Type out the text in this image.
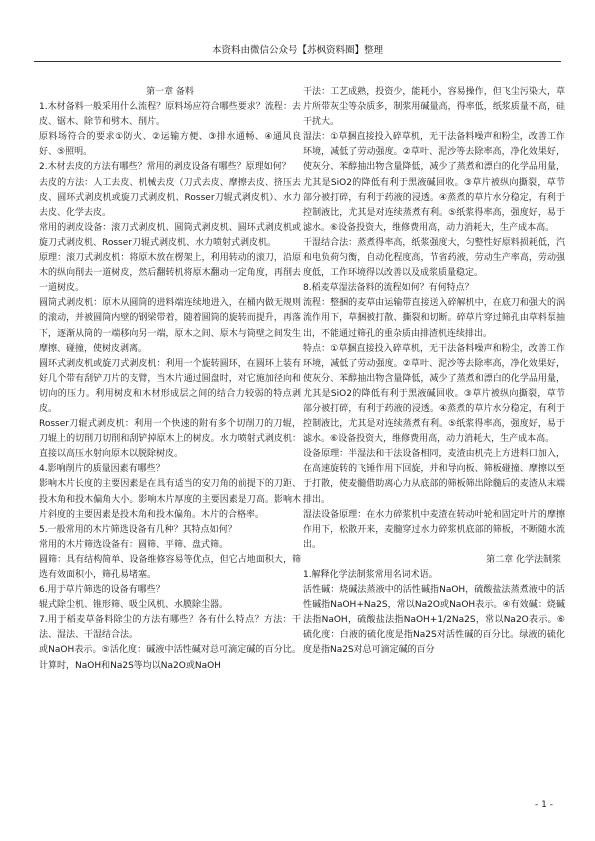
本资料由微信公众号【苏枫资料圈】整理

第一章 备料

1.木材备料一般采用什么流程？原料场应符合哪些要求？流程：去皮、锯木、除节和劈木、削片。

原料场符合的要求①防火、②运输方便、③排水通畅、④通风良好、⑤照明。

2.木材去皮的方法有哪些？常用的剥皮设备有哪些？原理如何？

去皮的方法：人工去皮、机械去皮（刀式去皮、摩擦去皮、挤压去皮、圆环式剥皮机或旋刀式剥皮机、Rosser刀辊式剥皮机）、水力去皮、化学去皮。

常用的剥皮设备：滚刀式剥皮机、圆筒式剥皮机、圆环式剥皮机或旋刀式剥皮机、Rosser刀辊式剥皮机、水力喷射式剥皮机。

原理：滚刀式剥皮机：将原木放在楞架上，利用转动的滚刀，沿原木的纵向削去一道树皮，然后翻转机将原木翻动一定角度，再削去一道树皮。

圆筒式剥皮机：原木从圆筒的进料端连续地进入，在桶内做无规则的滚动，并被圆筒内壁的钢梁带着，随着圆筒的旋转而提升，再落下，逐渐从筒的一端移向另一端，原木之间、原木与筒壁之间发生摩擦、碰撞，使树皮剥离。

圆环式剥皮机或旋刀式剥皮机：利用一个旋转圆环，在圆环上装有好几个带有刮铲刀片的支臂，当木片通过圆盘时，对它施加径向和切向的压力。利用树皮和木材形成层之间的结合力较弱的特点剥皮。

Rosser刀辊式剥皮机：利用一个快速的附有多个切削刀的刀辊，刀辊上的切削刀切削和刮铲掉原木上的树皮。水力喷射式剥皮机：直接以高压水射向原木以脱除树皮。

4.影响削片的质量因素有哪些？

影响木片长度的主要因素是在具有适当的安刀角的前提下的刀距、投木角和投木偏角大小。影响木片厚度的主要因素是刀高。影响木片斜度的主要因素是投木角和投木偏角。木片的合格率。

5.一般常用的木片筛选设备有几种？其特点如何？

常用的木片筛选设备有：圆筛、平筛、盘式筛。

圆筛：具有结构简单、设备维修容易等优点，但它占地面积大，筛选有效面积小，筛孔易堵塞。

6.用于草片筛选的设备有哪些？

辊式除尘机、锥形筛、吸尘风机、水膜除尘器。

7.用于稻麦草备料除尘的方法有哪些？各有什么特点？方法：干法、湿法、干湿结合法。

或NaOH表示。⑤活化度：碱液中活性碱对总可滴定碱的百分比。计算时，NaOH和Na2S等均以Na2O或NaOH

干法：工艺成熟，投资少，能耗小，容易操作，但飞尘污染大，草片所带灰尘等杂质多，制浆用碱量高，得率低，纸浆质量不高，硅干扰大。

湿法：①草捆直接投入碎草机，无干法备料噪声和粉尘，改善工作环境，减低了劳动强度。②草叶、泥沙等去除率高，净化效果好，使灰分、苯醇抽出物含量降低，减少了蒸煮和漂白的化学品用量，尤其是SiO2的降低有利于黑液碱回收。③草片被纵向撕裂，草节部分被打碎，有利于药液的浸透。④蒸煮的草片水分稳定，有利于控制液比，尤其是对连续蒸煮有利。⑤纸浆得率高，强度好，易于滤水。⑥设备投资大，维修费用高，动力消耗大，生产成本高。

干湿结合法：蒸煮得率高，纸浆强度大，匀整性好原料损耗低，汽和电负荷匀衡，自动化程度高，节省药液，劳动生产率高，劳动强度低，工作环境得以改善以及成浆质量稳定。

8.稻麦草湿法备料的流程如何？有何特点？

流程：整捆的麦草由运输带直接送入碎解机中，在底刀和强大的涡流作用下，草捆被打散、撕裂和切断。碎草片穿过筛孔由草料泵抽出，不能通过筛孔的重杂质由排渣机连续排出。

特点：①草捆直接投入碎草机，无干法备料噪声和粉尘，改善工作环境，减低了劳动强度。②草叶、泥沙等去除率高，净化效果好，使灰分、苯醇抽出物含量降低，减少了蒸煮和漂白的化学品用量，尤其是SiO2的降低有利于黑液碱回收。③草片被纵向撕裂，草节部分被打碎，有利于药液的浸透。④蒸煮的草片水分稳定，有利于控制液比，尤其是对连续蒸煮有利。⑤纸浆得率高，强度好，易于滤水。⑥设备投资大，维修费用高，动力消耗大，生产成本高。

设备原理：半湿法和干法设备相同，麦渣由机壳上方进料口加入，在高速旋转的飞锤作用下回旋，并和导向板、筛板碰撞、摩擦以至于打散，使麦髓借助离心力从底部的筛板筛出除髓后的麦渣从末端排出。

湿法设备原理：在水力碎浆机中麦渣在转动叶轮和固定叶片的摩擦作用下，松散开来，麦髓穿过水力碎浆机底部的筛板，不断随水流出。

第二章 化学法制浆

1.解释化学法制浆常用名词术语。

活性碱：烧碱法蒸液中的活性碱指NaOH，硫酸盐法蒸煮液中的活性碱指NaOH+Na2S，常以Na2O或NaOH表示。④有效碱：烧碱法指NaOH，硫酸盐法指NaOH+1/2Na2S，常以Na2O表示。⑥硫化度：白液的硫化度是指Na2S对活性碱的百分比。绿液的硫化度是指Na2S对总可滴定碱的百分

- 1 -
